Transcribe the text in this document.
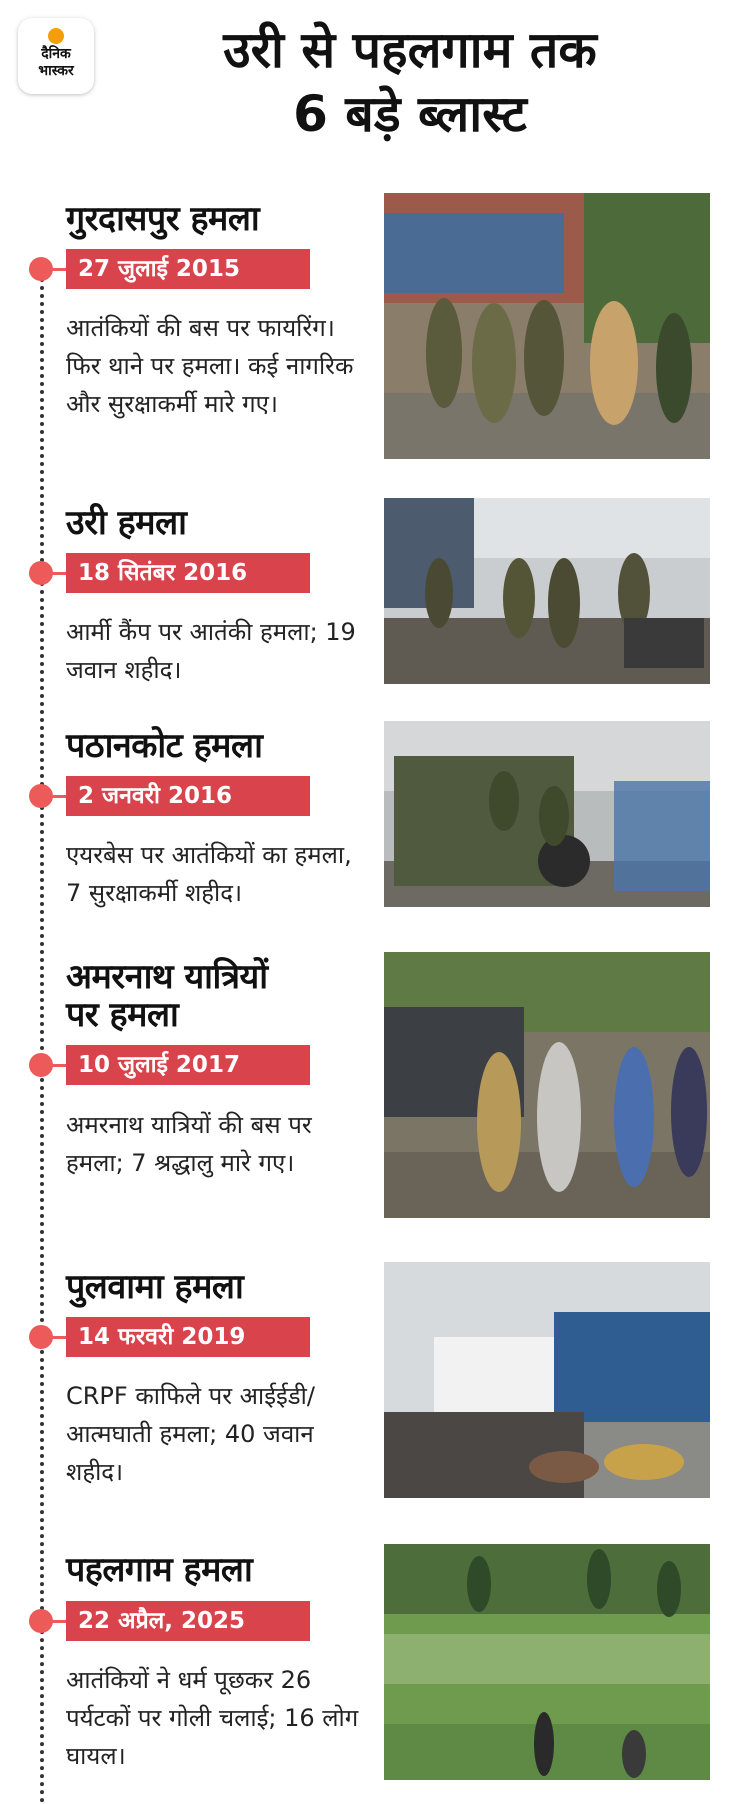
दैनिक
भास्कर	उरी से पहलगाम तक
6 बड़े ब्लास्ट
गुरदासपुर हमला
27 जुलाई 2015
आतंकियों की बस पर फायरिंग। फिर थाने पर हमला। कई नागरिक और सुरक्षाकर्मी मारे गए।
उरी हमला
18 सितंबर 2016
आर्मी कैंप पर आतंकी हमला; 19 जवान शहीद।
पठानकोट हमला
2 जनवरी 2016
एयरबेस पर आतंकियों का हमला, 7 सुरक्षाकर्मी शहीद।
अमरनाथ यात्रियों
पर हमला
10 जुलाई 2017
अमरनाथ यात्रियों की बस पर हमला; 7 श्रद्धालु मारे गए।
पुलवामा हमला
14 फरवरी 2019
CRPF काफिले पर आईईडी/आत्मघाती हमला; 40 जवान शहीद।
पहलगाम हमला
22 अप्रैल, 2025
आतंकियों ने धर्म पूछकर 26 पर्यटकों पर गोली चलाई; 16 लोग घायल।
